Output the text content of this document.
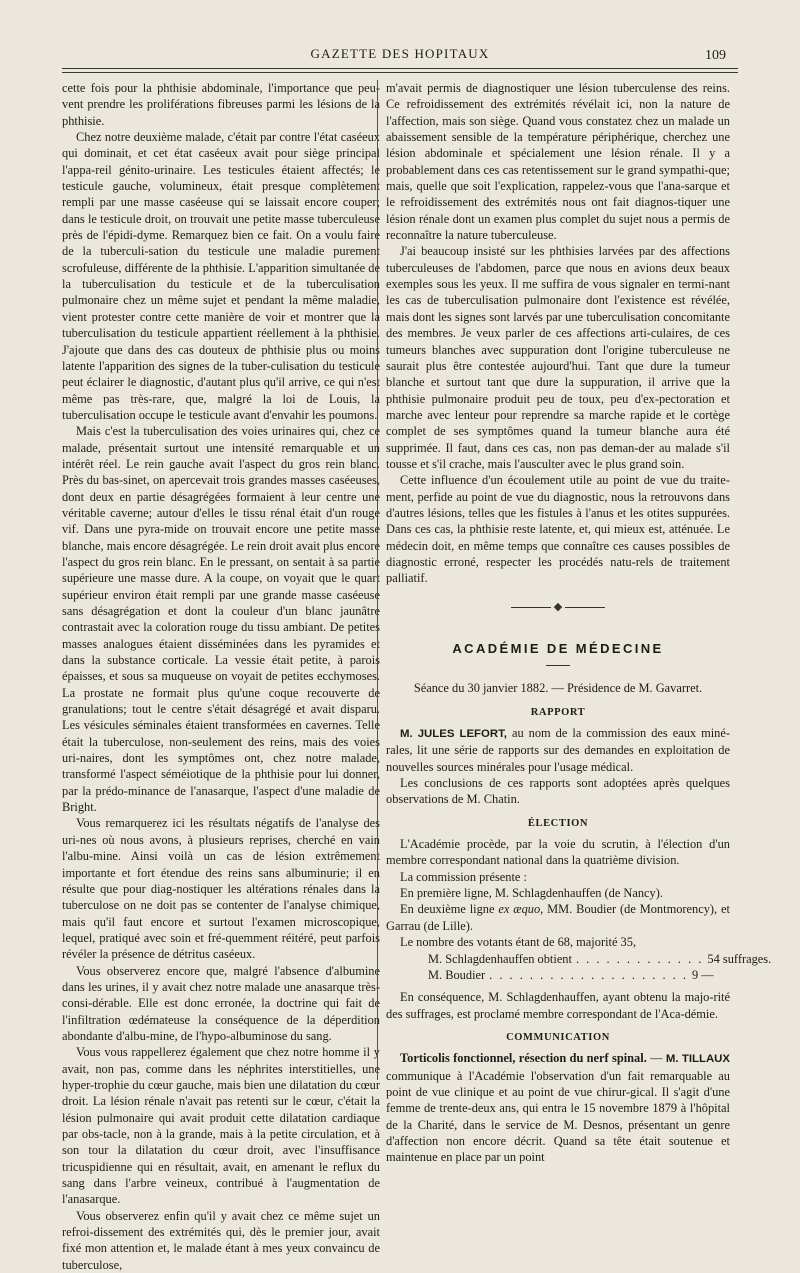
GAZETTE DES HOPITAUX	109

cette fois pour la phthisie abdominale, l'importance que peu-vent prendre les proliférations fibreuses parmi les lésions de la phthisie.

Chez notre deuxième malade, c'était par contre l'état caséeux qui dominait, et cet état caséeux avait pour siège principal l'appa-reil génito-urinaire. Les testicules étaient affectés; le testicule gauche, volumineux, était presque complètement rempli par une masse caséeuse qui se laissait encore couper; dans le testicule droit, on trouvait une petite masse tuberculeuse près de l'épidi-dyme. Remarquez bien ce fait. On a voulu faire de la tuberculi-sation du testicule une maladie purement scrofuleuse, différente de la phthisie. L'apparition simultanée de la tuberculisation du testicule et de la tuberculisation pulmonaire chez un même sujet et pendant la même maladie, vient protester contre cette manière de voir et montrer que la tuberculisation du testicule appartient réellement à la phthisie. J'ajoute que dans des cas douteux de phthisie plus ou moins latente l'apparition des signes de la tuber-culisation du testicule peut éclairer le diagnostic, d'autant plus qu'il arrive, ce qui n'est même pas très-rare, que, malgré la loi de Louis, la tuberculisation occupe le testicule avant d'envahir les poumons.

Mais c'est la tuberculisation des voies urinaires qui, chez ce malade, présentait surtout une intensité remarquable et un intérêt réel. Le rein gauche avait l'aspect du gros rein blanc. Près du bas-sinet, on apercevait trois grandes masses caséeuses, dont deux en partie désagrégées formaient à leur centre une véritable caverne; autour d'elles le tissu rénal était d'un rouge vif. Dans une pyra-mide on trouvait encore une petite masse blanche, mais encore désagrégée. Le rein droit avait plus encore l'aspect du gros rein blanc. En le pressant, on sentait à sa partie supérieure une masse dure. A la coupe, on voyait que le quart supérieur environ était rempli par une grande masse caséeuse sans désagrégation et dont la couleur d'un blanc jaunâtre contrastait avec la coloration rouge du tissu ambiant. De petites masses analogues étaient disséminées dans les pyramides et dans la substance corticale. La vessie était petite, à parois épaisses, et sous sa muqueuse on voyait de petites ecchymoses. La prostate ne formait plus qu'une coque recouverte de granulations; tout le centre s'était désagrégé et avait disparu. Les vésicules séminales étaient transformées en cavernes. Telle était la tuberculose, non-seulement des reins, mais des voies uri-naires, dont les symptômes ont, chez notre malade, transformé l'aspect séméiotique de la phthisie pour lui donner, par la prédo-minance de l'anasarque, l'aspect d'une maladie de Bright.

Vous remarquerez ici les résultats négatifs de l'analyse des uri-nes où nous avons, à plusieurs reprises, cherché en vain l'albu-mine. Ainsi voilà un cas de lésion extrêmement importante et fort étendue des reins sans albuminurie; il en résulte que pour diag-nostiquer les altérations rénales dans la tuberculose on ne doit pas se contenter de l'analyse chimique, mais qu'il faut encore et surtout l'examen microscopique, lequel, pratiqué avec soin et fré-quemment réitéré, peut parfois révéler la présence de détritus caséeux.

Vous observerez encore que, malgré l'absence d'albumine dans les urines, il y avait chez notre malade une anasarque très-consi-dérable. Elle est donc erronée, la doctrine qui fait de l'infiltration œdémateuse la conséquence de la déperdition abondante d'albu-mine, de l'hypo-albuminose du sang.

Vous vous rappellerez également que chez notre homme il y avait, non pas, comme dans les néphrites interstitielles, une hyper-trophie du cœur gauche, mais bien une dilatation du cœur droit. La lésion rénale n'avait pas retenti sur le cœur, c'était la lésion pulmonaire qui avait produit cette dilatation cardiaque par obs-tacle, non à la grande, mais à la petite circulation, et à son tour la dilatation du cœur droit, avec l'insuffisance tricuspidienne qui en résultait, avait, en amenant le reflux du sang dans l'arbre veineux, contribué à l'augmentation de l'anasarque.

Vous observerez enfin qu'il y avait chez ce même sujet un refroi-dissement des extrémités qui, dès le premier jour, avait fixé mon attention et, le malade étant à mes yeux convaincu de tuberculose,

m'avait permis de diagnostiquer une lésion tuberculense des reins. Ce refroidissement des extrémités révélait ici, non la nature de l'affection, mais son siège. Quand vous constatez chez un malade un abaissement sensible de la température périphérique, cherchez une lésion abdominale et spécialement une lésion rénale. Il y a probablement dans ces cas retentissement sur le grand sympathi-que; mais, quelle que soit l'explication, rappelez-vous que l'ana-sarque et le refroidissement des extrémités nous ont fait diagnos-tiquer une lésion rénale dont un examen plus complet du sujet nous a permis de reconnaître la nature tuberculeuse.

J'ai beaucoup insisté sur les phthisies larvées par des affections tuberculeuses de l'abdomen, parce que nous en avions deux beaux exemples sous les yeux. Il me suffira de vous signaler en termi-nant les cas de tuberculisation pulmonaire dont l'existence est révélée, mais dont les signes sont larvés par une tuberculisation concomitante des membres. Je veux parler de ces affections arti-culaires, de ces tumeurs blanches avec suppuration dont l'origine tuberculeuse ne saurait plus être contestée aujourd'hui. Tant que dure la tumeur blanche et surtout tant que dure la suppuration, il arrive que la phthisie pulmonaire produit peu de toux, peu d'ex-pectoration et marche avec lenteur pour reprendre sa marche rapide et le cortège complet de ses symptômes quand la tumeur blanche aura été supprimée. Il faut, dans ces cas, non pas deman-der au malade s'il tousse et s'il crache, mais l'ausculter avec le plus grand soin.

Cette influence d'un écoulement utile au point de vue du traite-ment, perfide au point de vue du diagnostic, nous la retrouvons dans d'autres lésions, telles que les fistules à l'anus et les otites suppurées. Dans ces cas, la phthisie reste latente, et, qui mieux est, atténuée. Le médecin doit, en même temps que connaître ces causes possibles de diagnostic erroné, respecter les procédés natu-rels de traitement palliatif.

◆
ACADÉMIE DE MÉDECINE

Séance du 30 janvier 1882. — Présidence de M. Gavarret.

RAPPORT

M. JULES LEFORT, au nom de la commission des eaux miné-rales, lit une série de rapports sur des demandes en exploitation de nouvelles sources minérales pour l'usage médical.

Les conclusions de ces rapports sont adoptées après quelques observations de M. Chatin.

ÉLECTION

L'Académie procède, par la voie du scrutin, à l'élection d'un membre correspondant national dans la quatrième division.

La commission présente :

En première ligne, M. Schlagdenhauffen (de Nancy).

En deuxième ligne ex æquo, MM. Boudier (de Montmorency), et Garrau (de Lille).

Le nombre des votants étant de 68, majorité 35,

M. Schlagdenhauffen obtient . . . . . . . . . . . . . 54 suffrages.
M. Boudier . . . . . . . . . . . . . . . . . . . . 9 —

En conséquence, M. Schlagdenhauffen, ayant obtenu la majo-rité des suffrages, est proclamé membre correspondant de l'Aca-démie.

COMMUNICATION

Torticolis fonctionnel, résection du nerf spinal. — M. TILLAUX communique à l'Académie l'observation d'un fait remarquable au point de vue clinique et au point de vue chirur-gical. Il s'agit d'une femme de trente-deux ans, qui entra le 15 novembre 1879 à l'hôpital de la Charité, dans le service de M. Desnos, présentant un genre d'affection non encore décrit. Quand sa tête était soutenue et maintenue en place par un point
